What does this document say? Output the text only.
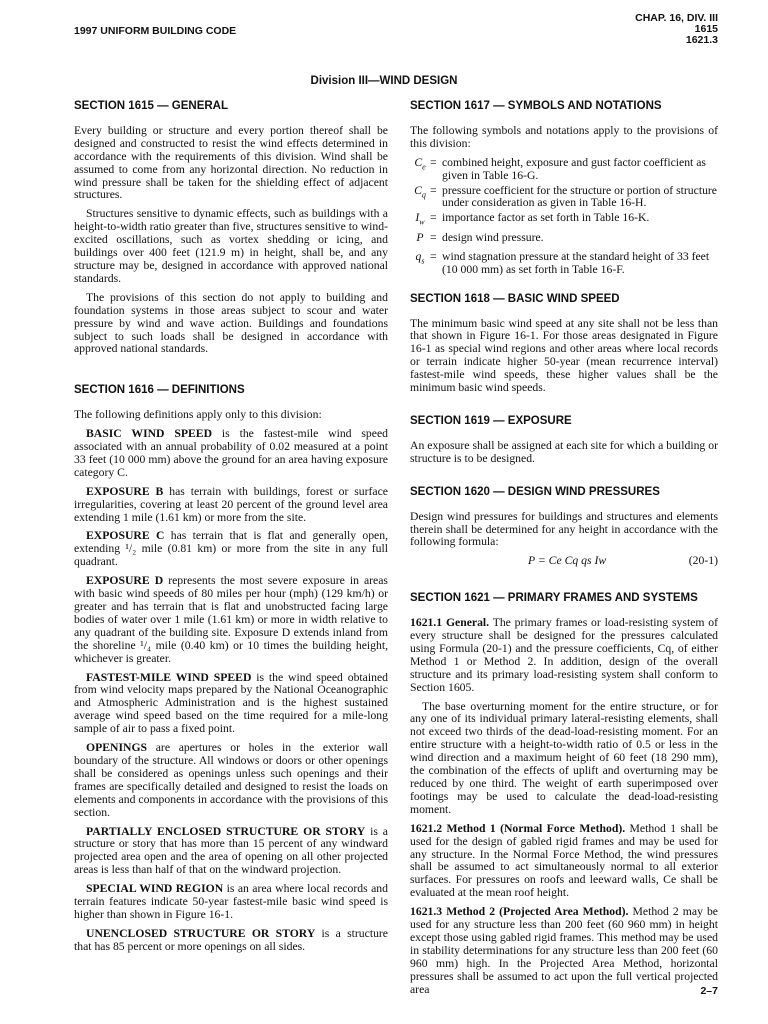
1997 UNIFORM BUILDING CODE
CHAP. 16, DIV. III
1615
1621.3
Division III—WIND DESIGN
SECTION 1615 — GENERAL

Every building or structure and every portion thereof shall be designed and constructed to resist the wind effects determined in accordance with the requirements of this division. Wind shall be assumed to come from any horizontal direction. No reduction in wind pressure shall be taken for the shielding effect of adjacent structures.

Structures sensitive to dynamic effects, such as buildings with a height-to-width ratio greater than five, structures sensitive to wind-excited oscillations, such as vortex shedding or icing, and buildings over 400 feet (121.9 m) in height, shall be, and any structure may be, designed in accordance with approved national standards.

The provisions of this section do not apply to building and foundation systems in those areas subject to scour and water pressure by wind and wave action. Buildings and foundations subject to such loads shall be designed in accordance with approved national standards.

SECTION 1616 — DEFINITIONS

The following definitions apply only to this division:

BASIC WIND SPEED is the fastest-mile wind speed associated with an annual probability of 0.02 measured at a point 33 feet (10 000 mm) above the ground for an area having exposure category C.

EXPOSURE B has terrain with buildings, forest or surface irregularities, covering at least 20 percent of the ground level area extending 1 mile (1.61 km) or more from the site.

EXPOSURE C has terrain that is flat and generally open, extending ¹/₂ mile (0.81 km) or more from the site in any full quadrant.

EXPOSURE D represents the most severe exposure in areas with basic wind speeds of 80 miles per hour (mph) (129 km/h) or greater and has terrain that is flat and unobstructed facing large bodies of water over 1 mile (1.61 km) or more in width relative to any quadrant of the building site. Exposure D extends inland from the shoreline ¹/₄ mile (0.40 km) or 10 times the building height, whichever is greater.

FASTEST-MILE WIND SPEED is the wind speed obtained from wind velocity maps prepared by the National Oceanographic and Atmospheric Administration and is the highest sustained average wind speed based on the time required for a mile-long sample of air to pass a fixed point.

OPENINGS are apertures or holes in the exterior wall boundary of the structure. All windows or doors or other openings shall be considered as openings unless such openings and their frames are specifically detailed and designed to resist the loads on elements and components in accordance with the provisions of this section.

PARTIALLY ENCLOSED STRUCTURE OR STORY is a structure or story that has more than 15 percent of any windward projected area open and the area of opening on all other projected areas is less than half of that on the windward projection.

SPECIAL WIND REGION is an area where local records and terrain features indicate 50-year fastest-mile basic wind speed is higher than shown in Figure 16-1.

UNENCLOSED STRUCTURE OR STORY is a structure that has 85 percent or more openings on all sides.

SECTION 1617 — SYMBOLS AND NOTATIONS

The following symbols and notations apply to the provisions of this division:

$C_e$ = combined height, exposure and gust factor coefficient as given in Table 16-G.
$C_q$ = pressure coefficient for the structure or portion of structure under consideration as given in Table 16-H.
$I_w$ = importance factor as set forth in Table 16-K.
P = design wind pressure.
$q_s$ = wind stagnation pressure at the standard height of 33 feet (10 000 mm) as set forth in Table 16-F.
SECTION 1618 — BASIC WIND SPEED

The minimum basic wind speed at any site shall not be less than that shown in Figure 16-1. For those areas designated in Figure 16-1 as special wind regions and other areas where local records or terrain indicate higher 50-year (mean recurrence interval) fastest-mile wind speeds, these higher values shall be the minimum basic wind speeds.

SECTION 1619 — EXPOSURE

An exposure shall be assigned at each site for which a building or structure is to be designed.

SECTION 1620 — DESIGN WIND PRESSURES

Design wind pressures for buildings and structures and elements therein shall be determined for any height in accordance with the following formula:

P = Ce Cq qs Iw	(20-1)
SECTION 1621 — PRIMARY FRAMES AND SYSTEMS

1621.1 General. The primary frames or load-resisting system of every structure shall be designed for the pressures calculated using Formula (20-1) and the pressure coefficients, Cq, of either Method 1 or Method 2. In addition, design of the overall structure and its primary load-resisting system shall conform to Section 1605.

The base overturning moment for the entire structure, or for any one of its individual primary lateral-resisting elements, shall not exceed two thirds of the dead-load-resisting moment. For an entire structure with a height-to-width ratio of 0.5 or less in the wind direction and a maximum height of 60 feet (18 290 mm), the combination of the effects of uplift and overturning may be reduced by one third. The weight of earth superimposed over footings may be used to calculate the dead-load-resisting moment.

1621.2 Method 1 (Normal Force Method). Method 1 shall be used for the design of gabled rigid frames and may be used for any structure. In the Normal Force Method, the wind pressures shall be assumed to act simultaneously normal to all exterior surfaces. For pressures on roofs and leeward walls, Ce shall be evaluated at the mean roof height.

1621.3 Method 2 (Projected Area Method). Method 2 may be used for any structure less than 200 feet (60 960 mm) in height except those using gabled rigid frames. This method may be used in stability determinations for any structure less than 200 feet (60 960 mm) high. In the Projected Area Method, horizontal pressures shall be assumed to act upon the full vertical projected area	2–7
